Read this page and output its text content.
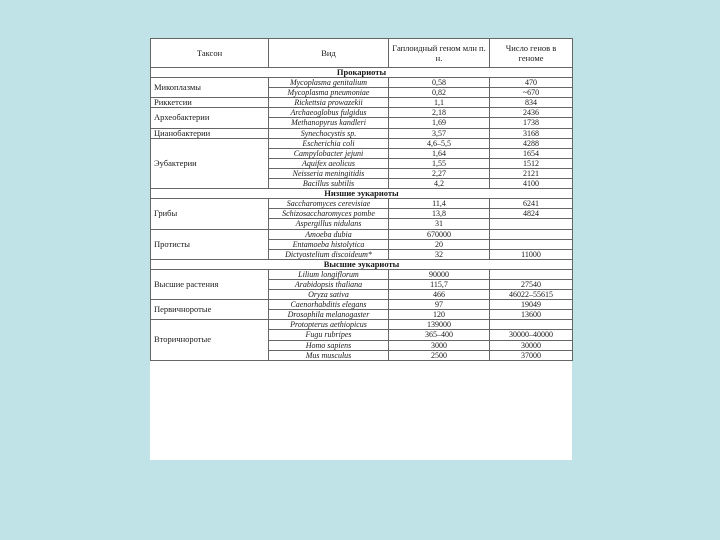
Таксон	Вид	Гаплоидный геном млн п. н.	Число генов в геноме
Прокариоты			
Микоплазмы	Mycoplasma genitalium	0,58	470
	Mycoplasma pneumoniae	0,82	~670
Риккетсии	Rickettsia prowazekii	1,1	834
Археобактерии	Archaeoglobus fulgidus	2,18	2436
	Methanopyrus kandleri	1,69	1738
Цианобактерии	Synechocystis sp.	3,57	3168
Эубактерии	Escherichia coli	4,6–5,5	4288
	Campylobacter jejuni	1,64	1654
	Aquifex aeolicus	1,55	1512
	Neisseria meningitidis	2,27	2121
	Bacillus subtilis	4,2	4100
Низшие эукариоты			
Грибы	Saccharomyces cerevisiae	11,4	6241
	Schizosaccharomyces pombe	13,8	4824
	Aspergillus nidulans	31	
Протисты	Amoeba dubia	670000	
	Entamoeba histolytica	20	
	Dictyostelium discoideum*	32	11000
Высшие эукариоты			
Высшие растения	Lilium longiflorum	90000	
	Arabidopsis thaliana	115,7	27540
	Oryza sativa	466	46022–55615
Первичноротые	Caenorhabditis elegans	97	19049
	Drosophila melanogaster	120	13600
Вторичноротые	Protopterus aethiopicus	139000	
	Fugu rubripes	365–400	30000–40000
	Homo sapiens	3000	30000
	Mus musculus	2500	37000
